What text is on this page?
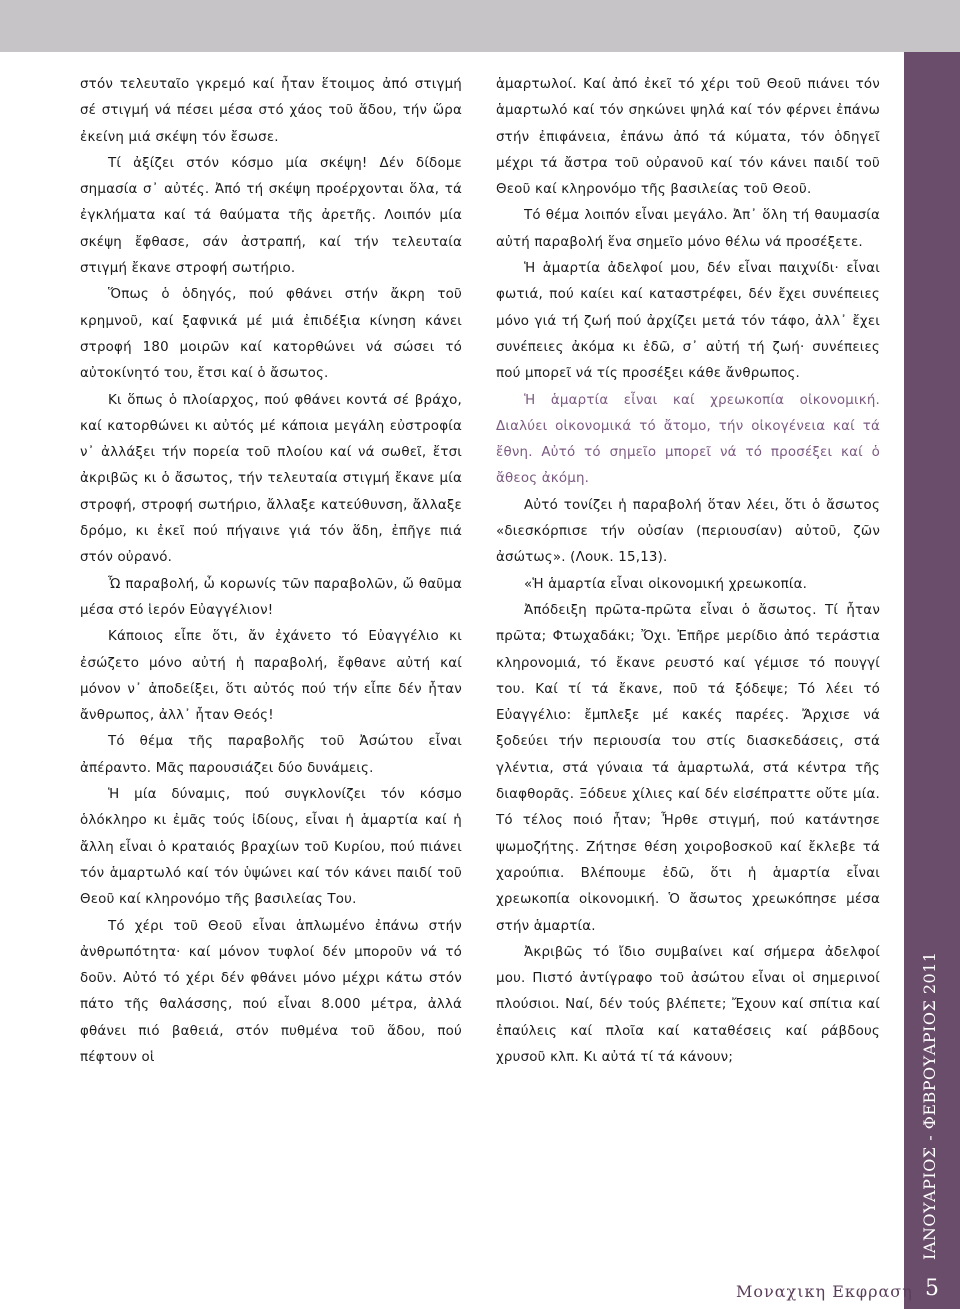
ΙΑΝΟΥΑΡΙΟΣ - ΦΕΒΡΟΥΑΡΙΟΣ 2011
5
Μοναχικη Εκφραση

στόν τελευταῖο γκρεμό καί ἦταν ἕτοιμος ἀπό στιγμή σέ στιγμή νά πέσει μέσα στό χάος τοῦ ἅδου, τήν ὥρα ἐκείνη μιά σκέψη τόν ἔσωσε.

Τί ἀξίζει στόν κόσμο μία σκέψη! Δέν δίδομε σημασία σ᾽ αὐτές. Ἀπό τή σκέψη προέρχονται ὅλα, τά ἐγκλήματα καί τά θαύματα τῆς ἀρετῆς. Λοιπόν μία σκέψη ἔφθασε, σάν ἀστραπή, καί τήν τελευταία στιγμή ἔκανε στροφή σωτήριο.

Ὅπως ὁ ὁδηγός, πού φθάνει στήν ἄκρη τοῦ κρημνοῦ, καί ξαφνικά μέ μιά ἐπιδέξια κίνηση κάνει στροφή 180 μοιρῶν καί κατορθώνει νά σώσει τό αὐτοκίνητό του, ἔτσι καί ὁ ἄσωτος.

Κι ὅπως ὁ πλοίαρχος, πού φθάνει κοντά σέ βράχο, καί κατορθώνει κι αὐτός μέ κάποια μεγάλη εὐστροφία ν᾽ ἀλλάξει τήν πορεία τοῦ πλοίου καί νά σωθεῖ, ἔτσι ἀκριβῶς κι ὁ ἄσωτος, τήν τελευταία στιγμή ἔκανε μία στροφή, στροφή σωτήριο, ἄλλαξε κατεύθυνση, ἄλλαξε δρόμο, κι ἐκεῖ πού πήγαινε γιά τόν ἅδη, ἐπῆγε πιά στόν οὐρανό.

Ὦ παραβολή, ὦ κορωνίς τῶν παραβολῶν, ὤ θαῦμα μέσα στό ἱερόν Εὐαγγέλιον!

Κάποιος εἶπε ὅτι, ἄν ἐχάνετο τό Εὐαγγέλιο κι ἐσώζετο μόνο αὐτή ἡ παραβολή, ἔφθανε αὐτή καί μόνον ν᾽ ἀποδείξει, ὅτι αὐτός πού τήν εἶπε δέν ἦταν ἄνθρωπος, ἀλλ᾽ ἦταν Θεός!

Τό θέμα τῆς παραβολῆς τοῦ Ἀσώτου εἶναι ἀπέραντο. Μᾶς παρουσιάζει δύο δυνάμεις.

Ἡ μία δύναμις, πού συγκλονίζει τόν κόσμο ὁλόκληρο κι ἐμᾶς τούς ἰδίους, εἶναι ἡ ἁμαρτία καί ἡ ἄλλη εἶναι ὁ κραταιός βραχίων τοῦ Κυρίου, πού πιάνει τόν ἁμαρτωλό καί τόν ὑψώνει καί τόν κάνει παιδί τοῦ Θεοῦ καί κληρονόμο τῆς βασιλείας Του.

Τό χέρι τοῦ Θεοῦ εἶναι ἁπλωμένο ἐπάνω στήν ἀνθρωπότητα· καί μόνον τυφλοί δέν μποροῦν νά τό δοῦν. Αὐτό τό χέρι δέν φθάνει μόνο μέχρι κάτω στόν πάτο τῆς θαλάσσης, πού εἶναι 8.000 μέτρα, ἀλλά φθάνει πιό βαθειά, στόν πυθμένα τοῦ ἅδου, πού πέφτουν οἱ

ἁμαρτωλοί. Καί ἀπό ἐκεῖ τό χέρι τοῦ Θεοῦ πιάνει τόν ἁμαρτωλό καί τόν σηκώνει ψηλά καί τόν φέρνει ἐπάνω στήν ἐπιφάνεια, ἐπάνω ἀπό τά κύματα, τόν ὁδηγεῖ μέχρι τά ἄστρα τοῦ οὐρανοῦ καί τόν κάνει παιδί τοῦ Θεοῦ καί κληρονόμο τῆς βασιλείας τοῦ Θεοῦ.

Τό θέμα λοιπόν εἶναι μεγάλο. Ἀπ᾽ ὅλη τή θαυμασία αὐτή παραβολή ἕνα σημεῖο μόνο θέλω νά προσέξετε.

Ἡ ἁμαρτία ἀδελφοί μου, δέν εἶναι παιχνίδι· εἶναι φωτιά, πού καίει καί καταστρέφει, δέν ἔχει συνέπειες μόνο γιά τή ζωή πού ἀρχίζει μετά τόν τάφο, ἀλλ᾽ ἔχει συνέπειες ἀκόμα κι ἐδῶ, σ᾽ αὐτή τή ζωή· συνέπειες πού μπορεῖ νά τίς προσέξει κάθε ἄνθρωπος.

Ἡ ἁμαρτία εἶναι καί χρεωκοπία οἰκονομική. Διαλύει οἰκονομικά τό ἄτομο, τήν οἰκογένεια καί τά ἔθνη. Αὐτό τό σημεῖο μπορεῖ νά τό προσέξει καί ὁ ἄθεος ἀκόμη.

Αὐτό τονίζει ἡ παραβολή ὅταν λέει, ὅτι ὁ ἄσωτος «διεσκόρπισε τήν οὐσίαν (περιουσίαν) αὐτοῦ, ζῶν ἀσώτως». (Λουκ. 15,13).

«Ἡ ἁμαρτία εἶναι οἰκονομική χρεωκοπία.

Ἀπόδειξη πρῶτα-πρῶτα εἶναι ὁ ἄσωτος. Τί ἦταν πρῶτα; Φτωχαδάκι; Ὄχι. Ἐπῆρε μερίδιο ἀπό τεράστια κληρονομιά, τό ἔκανε ρευστό καί γέμισε τό πουγγί του. Καί τί τά ἔκανε, ποῦ τά ξόδεψε; Τό λέει τό Εὐαγγέλιο: ἔμπλεξε μέ κακές παρέες. Ἄρχισε νά ξοδεύει τήν περιουσία του στίς διασκεδάσεις, στά γλέντια, στά γύναια τά ἁμαρτωλά, στά κέντρα τῆς διαφθορᾶς. Ξόδευε χίλιες καί δέν εἰσέπραττε οὔτε μία. Τό τέλος ποιό ἦταν; Ἦρθε στιγμή, πού κατάντησε ψωμοζήτης. Ζήτησε θέση χοιροβοσκοῦ καί ἔκλεβε τά χαρούπια. Βλέπουμε ἐδῶ, ὅτι ἡ ἁμαρτία εἶναι χρεωκοπία οἰκονομική. Ὁ ἄσωτος χρεωκόπησε μέσα στήν ἁμαρτία.

Ἀκριβῶς τό ἴδιο συμβαίνει καί σήμερα ἀδελφοί μου. Πιστό ἀντίγραφο τοῦ ἀσώτου εἶναι οἱ σημερινοί πλούσιοι. Ναί, δέν τούς βλέπετε; Ἔχουν καί σπίτια καί ἐπαύλεις καί πλοῖα καί καταθέσεις καί ράβδους χρυσοῦ κλπ. Κι αὐτά τί τά κάνουν;
